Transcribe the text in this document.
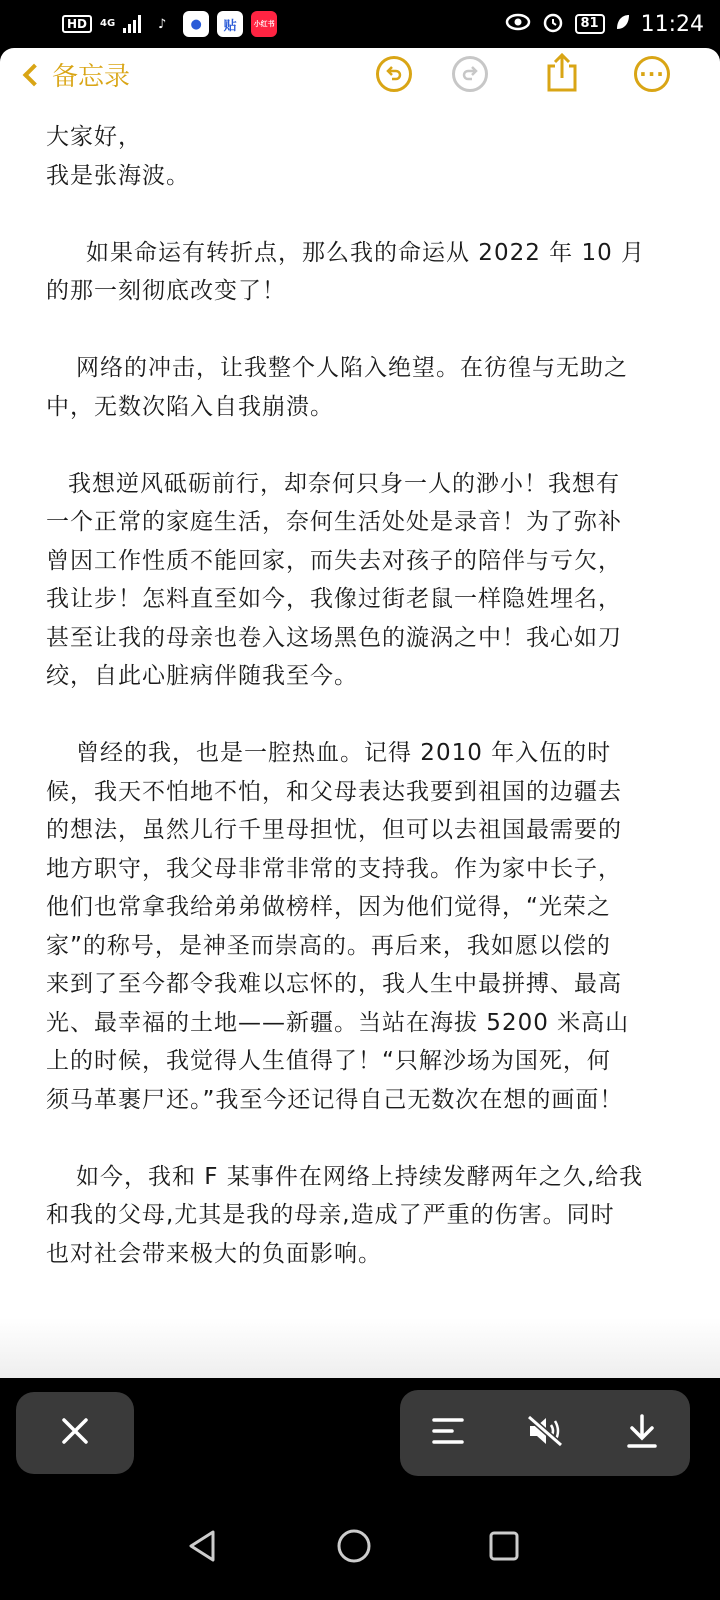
HD	4G	♪	●	贴	小红书	81 11:24
备忘录	···

大家好，

我是张海波。

如果命运有转折点，那么我的命运从 2022 年 10 月

的那一刻彻底改变了！

网络的冲击，让我整个人陷入绝望。在彷徨与无助之

中，无数次陷入自我崩溃。

我想逆风砥砺前行，却奈何只身一人的渺小！我想有

一个正常的家庭生活，奈何生活处处是录音！为了弥补

曾因工作性质不能回家，而失去对孩子的陪伴与亏欠，

我让步！怎料直至如今，我像过街老鼠一样隐姓埋名，

甚至让我的母亲也卷入这场黑色的漩涡之中！我心如刀

绞，自此心脏病伴随我至今。

曾经的我，也是一腔热血。记得 2010 年入伍的时

候，我天不怕地不怕，和父母表达我要到祖国的边疆去

的想法，虽然儿行千里母担忧，但可以去祖国最需要的

地方职守，我父母非常非常的支持我。作为家中长子，

他们也常拿我给弟弟做榜样，因为他们觉得，“光荣之

家”的称号，是神圣而崇高的。再后来，我如愿以偿的

来到了至今都令我难以忘怀的，我人生中最拼搏、最高

光、最幸福的土地——新疆。当站在海拔 5200 米高山

上的时候，我觉得人生值得了！“只解沙场为国死，何

须马革裹尸还。”我至今还记得自己无数次在想的画面！

如今，我和 F 某事件在网络上持续发酵两年之久,给我

和我的父母,尤其是我的母亲,造成了严重的伤害。同时

也对社会带来极大的负面影响。
